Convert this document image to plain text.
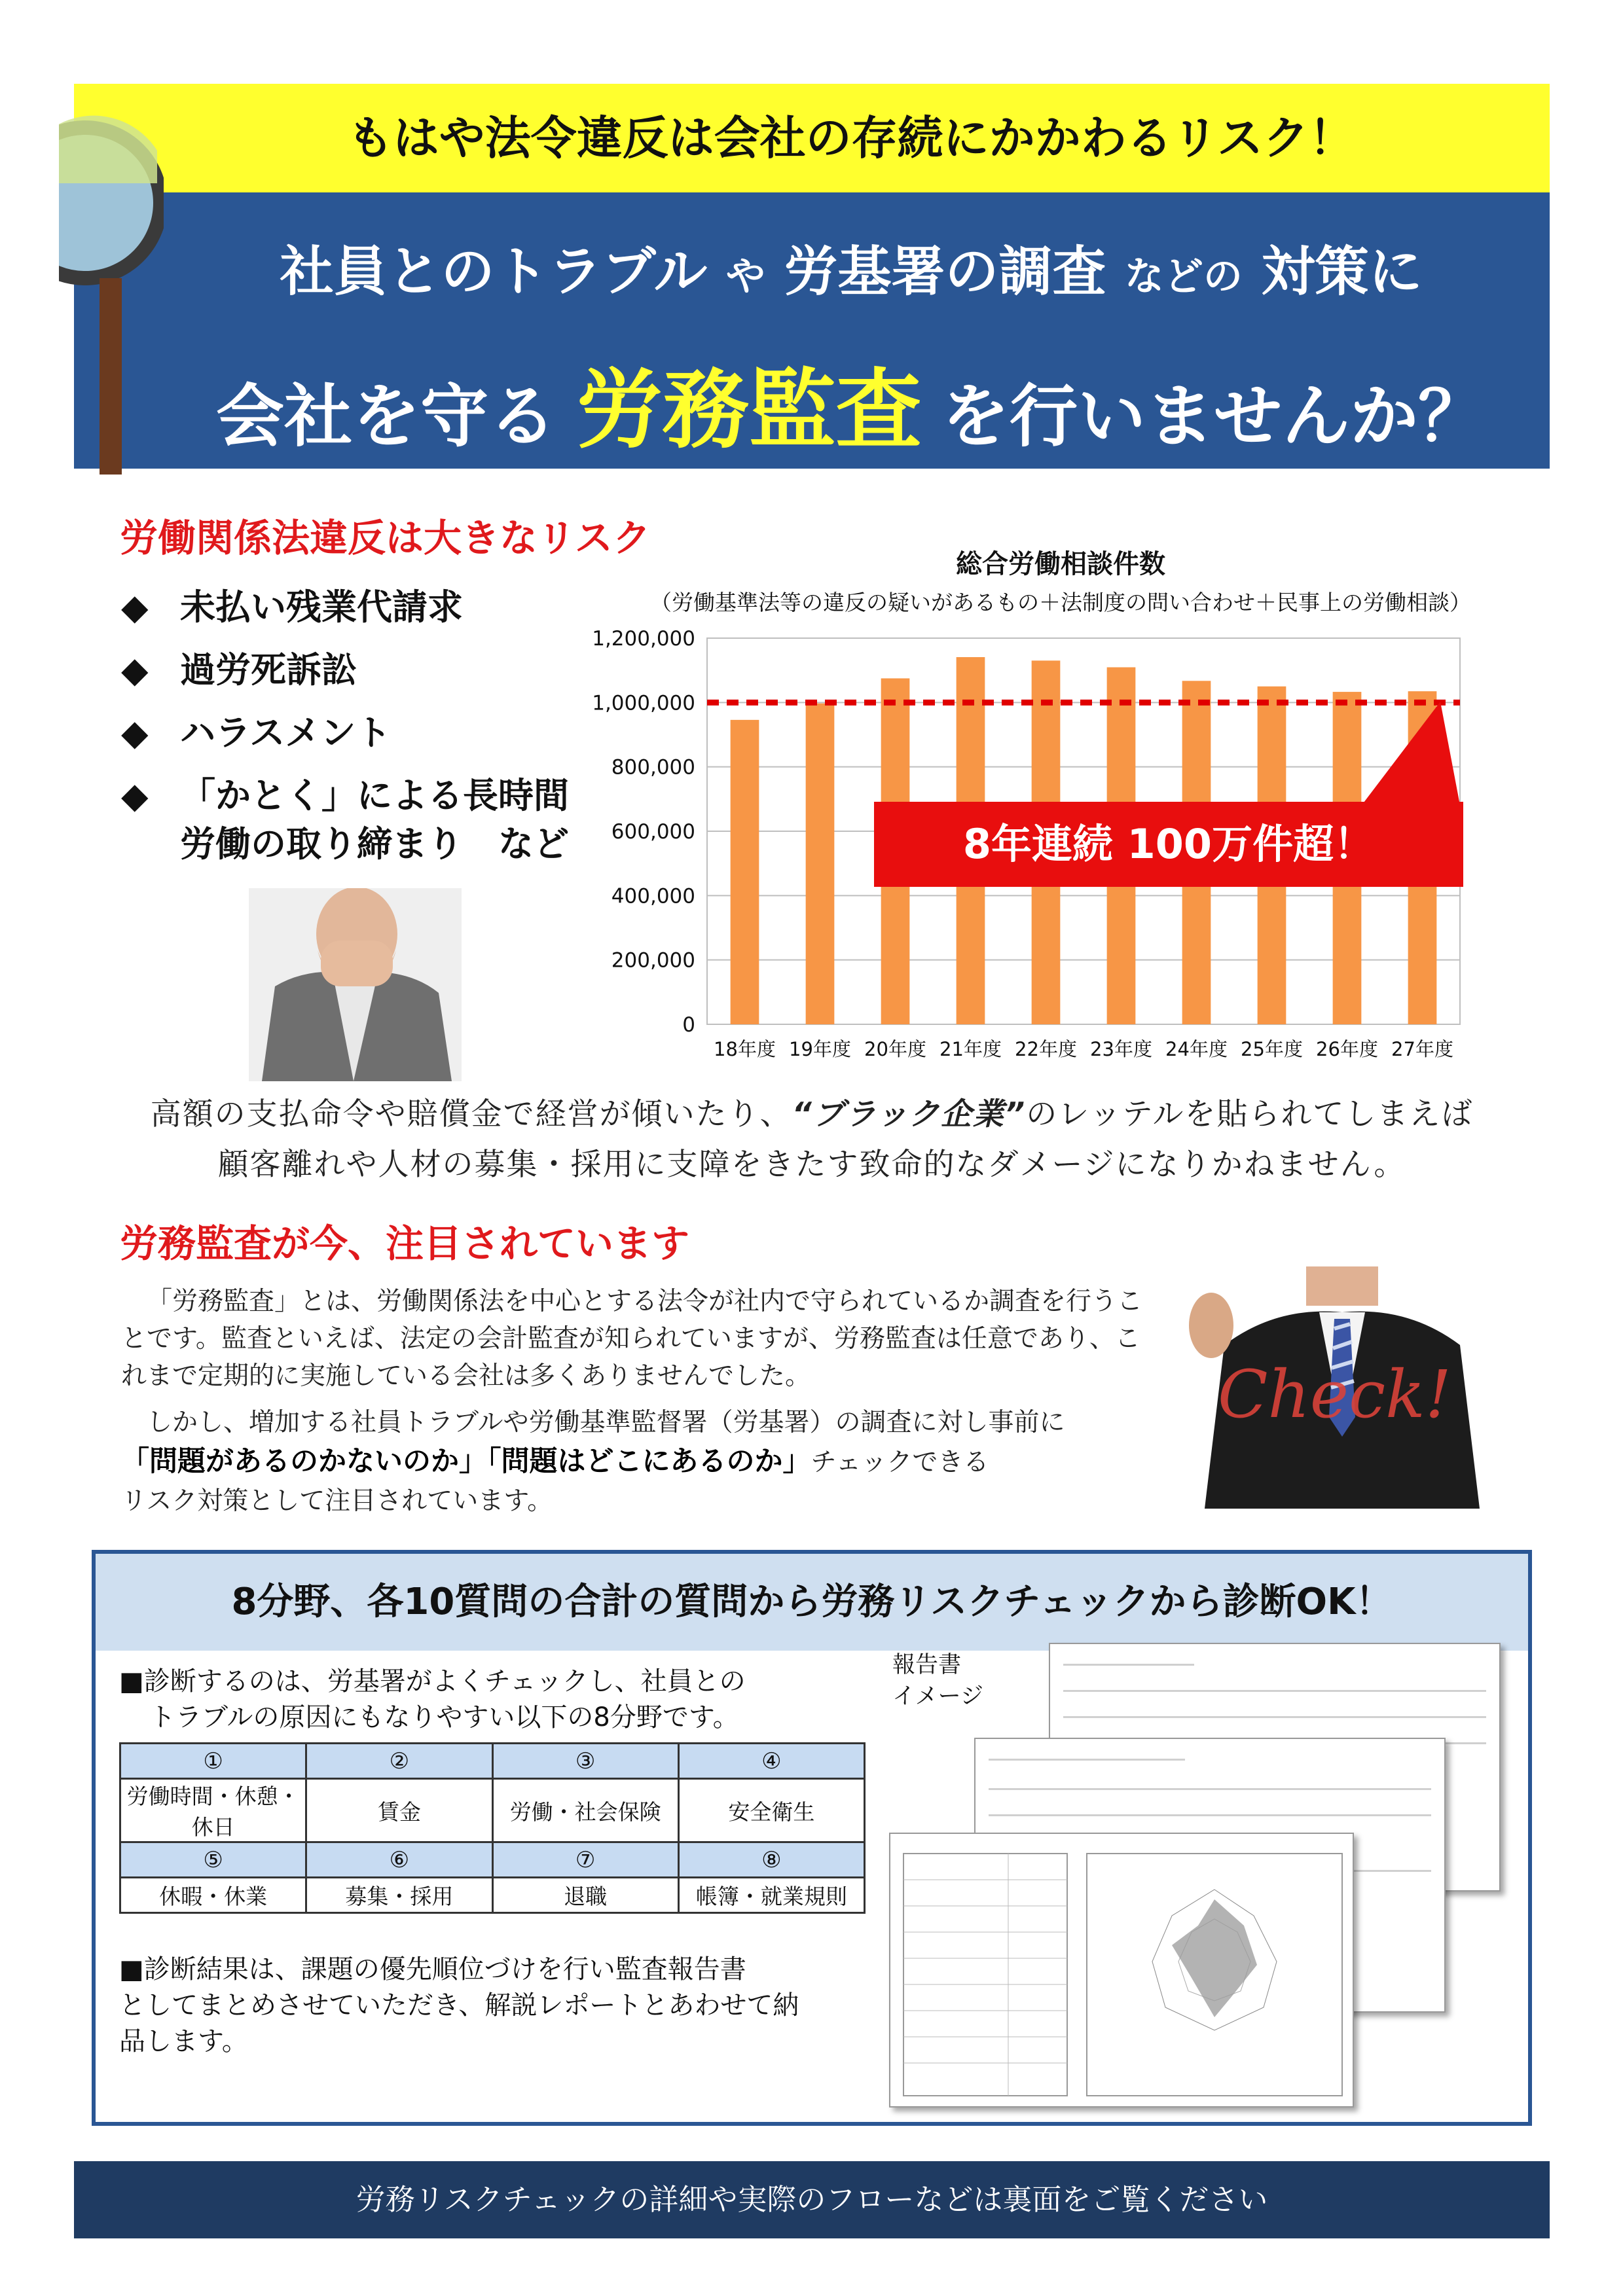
もはや法令違反は会社の存続にかかわるリスク！
社員とのトラブル や 労基署の調査 などの 対策に
会社を守る 労務監査 を行いませんか？
労働関係法違反は大きなリスク
◆ 未払い残業代請求
◆ 過労死訴訟
◆ ハラスメント
◆ 「かとく」による長時間
労働の取り締まり　など
総合労働相談件数
（労働基準法等の違反の疑いがあるもの＋法制度の問い合わせ＋民事上の労働相談）
0
200,000
400,000
600,000
800,000
1,000,000
1,200,000
18年度 19年度 20年度 21年度 22年度 23年度 24年度 25年度 26年度 27年度
8年連続 100万件超！
高額の支払命令や賠償金で経営が傾いたり、“ブラック企業”のレッテルを貼られてしまえば
顧客離れや人材の募集・採用に支障をきたす致命的なダメージになりかねません。
労務監査が今、注目されています
「労務監査」とは、労働関係法を中心とする法令が社内で守られているか調査を行うことです。監査といえば、法定の会計監査が知られていますが、労務監査は任意であり、これまで定期的に実施している会社は多くありませんでした。
しかし、増加する社員トラブルや労働基準監督署（労基署）の調査に対し事前に
「問題があるのかないのか」「問題はどこにあるのか」チェックできる
リスク対策として注目されています。
Check!
8分野、各10質問の合計の質問から労務リスクチェックから診断OK！
■診断するのは、労基署がよくチェックし、社員との
トラブルの原因にもなりやすい以下の8分野です。
①	②	③	④
労働時間・休憩・休日	賃金	労働・社会保険	安全衛生
⑤	⑥	⑦	⑧
休暇・休業	募集・採用	退職	帳簿・就業規則
■診断結果は、課題の優先順位づけを行い監査報告書
としてまとめさせていただき、解説レポートとあわせて納
品します。
報告書
イメージ
労務リスクチェックの詳細や実際のフローなどは裏面をご覧ください
